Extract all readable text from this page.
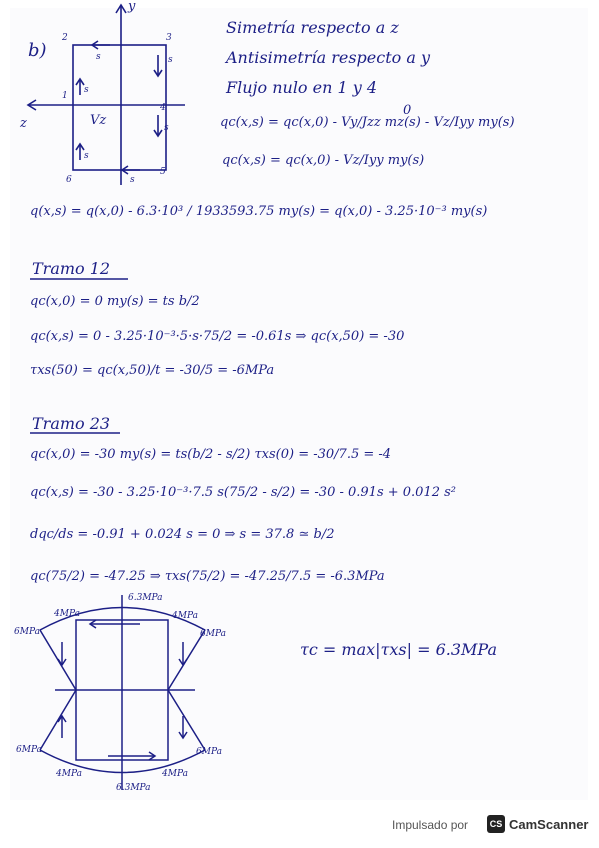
b)
Simetría respecto a z
Antisimetría respecto a y
Flujo nulo en 1 y 4
y
z	Vz
1
2	3
4
5
6
s	s
s
s
s
s
0
qc(x,s) = qc(x,0) - Vy/Jzz mz(s) - Vz/Iyy my(s)
qc(x,s) = qc(x,0) - Vz/Iyy my(s)
q(x,s) = q(x,0) - 6.3·10³ / 1933593.75 my(s) = q(x,0) - 3.25·10⁻³ my(s)
Tramo 12
qc(x,0) = 0 my(s) = ts b/2
qc(x,s) = 0 - 3.25·10⁻³·5·s·75/2 = -0.61s ⇒ qc(x,50) = -30
τxs(50) = qc(x,50)/t = -30/5 = -6MPa
Tramo 23
qc(x,0) = -30 my(s) = ts(b/2 - s/2) τxs(0) = -30/7.5 = -4
qc(x,s) = -30 - 3.25·10⁻³·7.5 s(75/2 - s/2) = -30 - 0.91s + 0.012 s²
dqc/ds = -0.91 + 0.024 s = 0 ⇒ s = 37.8 ≃ b/2
qc(75/2) = -47.25 ⇒ τxs(75/2) = -47.25/7.5 = -6.3MPa
6.3MPa
4MPa	4MPa
6MPa	6MPa
6MPa	6MPa
4MPa	4MPa
6.3MPa
τc = max|τxs| = 6.3MPa
Impulsado por	CS CamScanner
